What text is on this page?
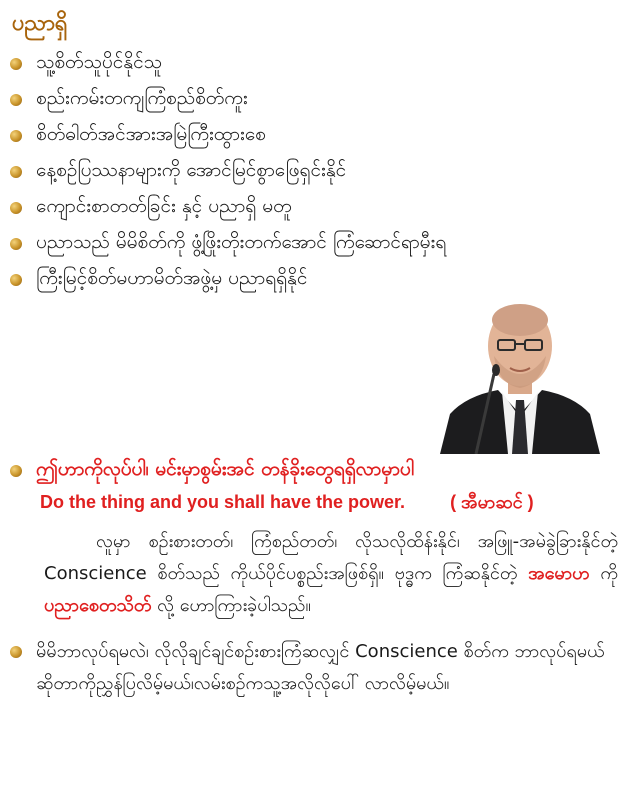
ပညာရှိ
သူ့စိတ်သူပိုင်နိုင်သူ
စည်းကမ်းတကျကြံစည်စိတ်ကူး
စိတ်ဓါတ်အင်အားအမြဲကြီးထွားစေ
နေ့စဉ်ပြဿနာများကို အောင်မြင်စွာဖြေရှင်းနိုင်
ကျောင်းစာတတ်ခြင်း နှင့် ပညာရှိ မတူ
ပညာသည် မိမိစိတ်ကို ဖွံ့ဖြိုးတိုးတက်အောင် ကြံဆောင်ရာမှီးရ
ကြီးမြင့်စိတ်မဟာမိတ်အဖွဲ့မှ ပညာရရှိနိုင်
ဤဟာကိုလုပ်ပါ၊ မင်းမှာစွမ်းအင် တန်ခိုးတွေရရှိလာမှာပါ
Do the thing and you shall have the power.	( အီမာဆင် )
လူမှာ စဉ်းစားတတ်၊ ကြံစည်တတ်၊ လိုသလိုထိန်းနိုင်၊ အဖြူ-အမဲခွဲခြားနိုင်တဲ့ Conscience စိတ်သည် ကိုယ်ပိုင်ပစ္စည်းအဖြစ်ရှိ။ ဗုဒ္ဓက ကြံဆနိုင်တဲ့ အမောဟ ကို ပညာစေတသိတ် လို့ ဟောကြားခဲ့ပါသည်။
မိမိဘာလုပ်ရမလဲ၊ လိုလိုချင်ချင်စဉ်းစားကြံဆလျှင် Conscience စိတ်က ဘာလုပ်ရမယ်ဆိုတာကိုညွှန်ပြလိမ့်မယ်၊လမ်းစဉ်ကသူ့အလိုလိုပေါ် လာလိမ့်မယ်။
